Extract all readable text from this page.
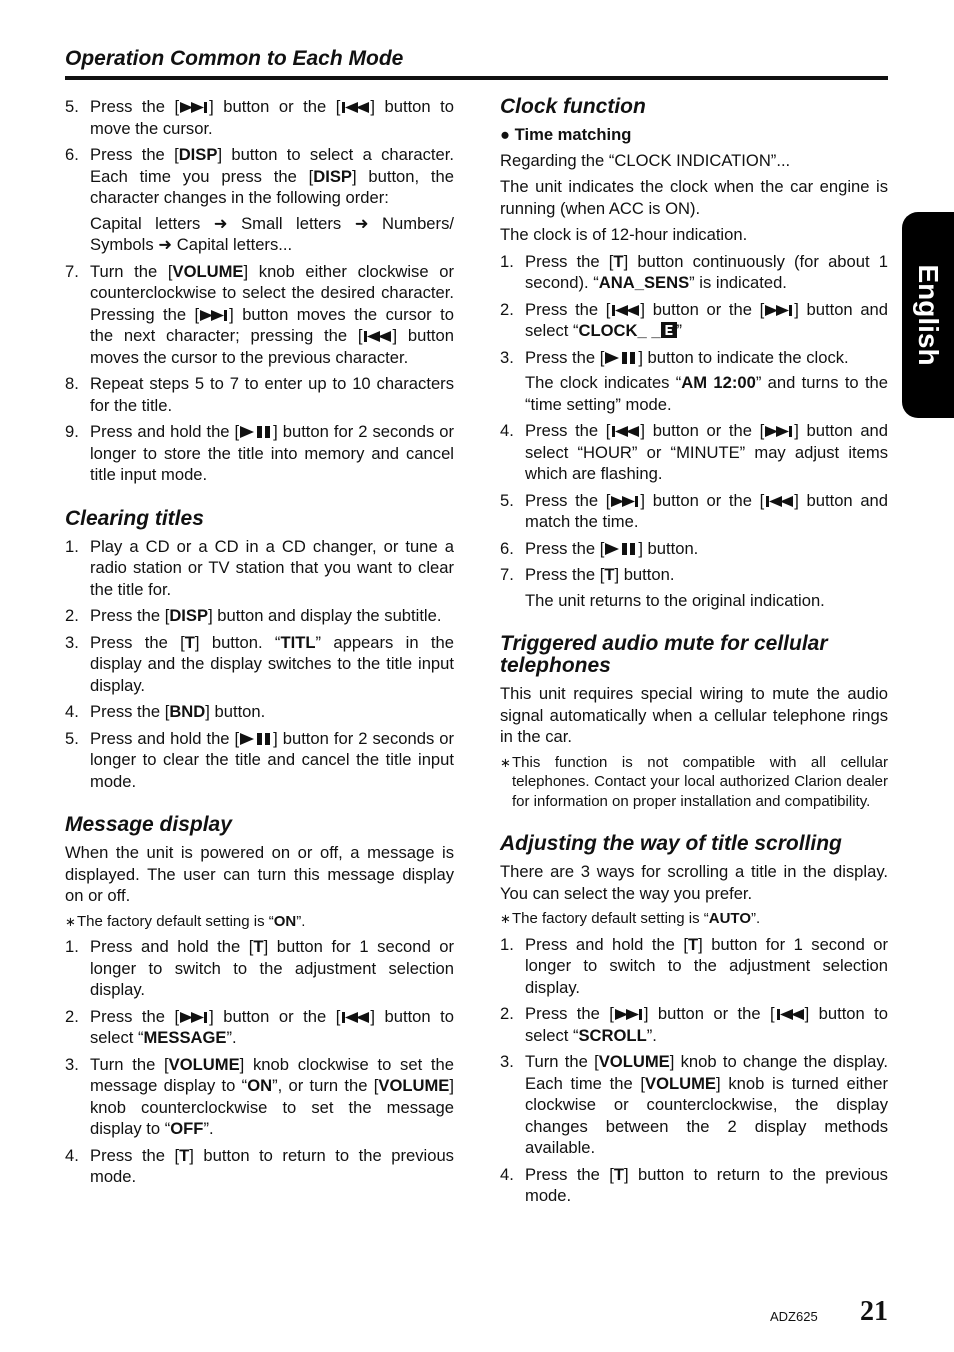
Operation Common to Each Mode
English
5. Press the [ ] button or the [ ] button to move the cursor.
6. Press the [DISP] button to select a character. Each time you press the [DISP] button, the character changes in the following order:
Capital letters ➜ Small letters ➜ Numbers/ Symbols ➜ Capital letters...
7. Turn the [VOLUME] knob either clockwise or counterclockwise to select the desired character. Pressing the [ ] button moves the cursor to the next character; pressing the [ ] button moves the cursor to the previous character.
8. Repeat steps 5 to 7 to enter up to 10 characters for the title.
9. Press and hold the [ ] button for 2 seconds or longer to store the title into memory and cancel title input mode.
Clearing titles
1. Play a CD or a CD in a CD changer, or tune a radio station or TV station that you want to clear the title for.
2. Press the [DISP] button and display the subtitle.
3. Press the [T] button. “TITL” appears in the display and the display switches to the title input display.
4. Press the [BND] button.
5. Press and hold the [ ] button for 2 seconds or longer to clear the title and cancel the title input mode.
Message display

When the unit is powered on or off, a message is displayed. The user can turn this message display on or off.

∗ The factory default setting is “ON”.
1. Press and hold the [T] button for 1 second or longer to switch to the adjustment selection display.
2. Press the [ ] button or the [ ] button to select “MESSAGE”.
3. Turn the [VOLUME] knob clockwise to set the message display to “ON”, or turn the [VOLUME] knob counterclockwise to set the message display to “OFF”.
4. Press the [T] button to return to the previous mode.
Clock function
● Time matching

Regarding the “CLOCK INDICATION”...

The unit indicates the clock when the car engine is running (when ACC is ON).

The clock is of 12-hour indication.

1. Press the [T] button continuously (for about 1 second). “ANA_SENS” is indicated.
2. Press the [ ] button or the [ ] button and select “CLOCK_ _ ”
3. Press the [ ] button to indicate the clock.
The clock indicates “AM 12:00” and turns to the “time setting” mode.
4. Press the [ ] button or the [ ] button and select “HOUR” or “MINUTE” may adjust items which are flashing.
5. Press the [ ] button or the [ ] button and match the time.
6. Press the [ ] button.
7. Press the [T] button.
The unit returns to the original indication.
Triggered audio mute for cellular telephones

This unit requires special wiring to mute the audio signal automatically when a cellular telephone rings in the car.

∗ This function is not compatible with all cellular telephones. Contact your local authorized Clarion dealer for information on proper installation and compatibility.
Adjusting the way of title scrolling

There are 3 ways for scrolling a title in the display. You can select the way you prefer.

∗ The factory default setting is “AUTO”.
1. Press and hold the [T] button for 1 second or longer to switch to the adjustment selection display.
2. Press the [ ] button or the [ ] button to select “SCROLL”.
3. Turn the [VOLUME] knob to change the display. Each time the [VOLUME] knob is turned either clockwise or counterclockwise, the display changes between the 2 display methods available.
4. Press the [T] button to return to the previous mode.
ADZ625 21
